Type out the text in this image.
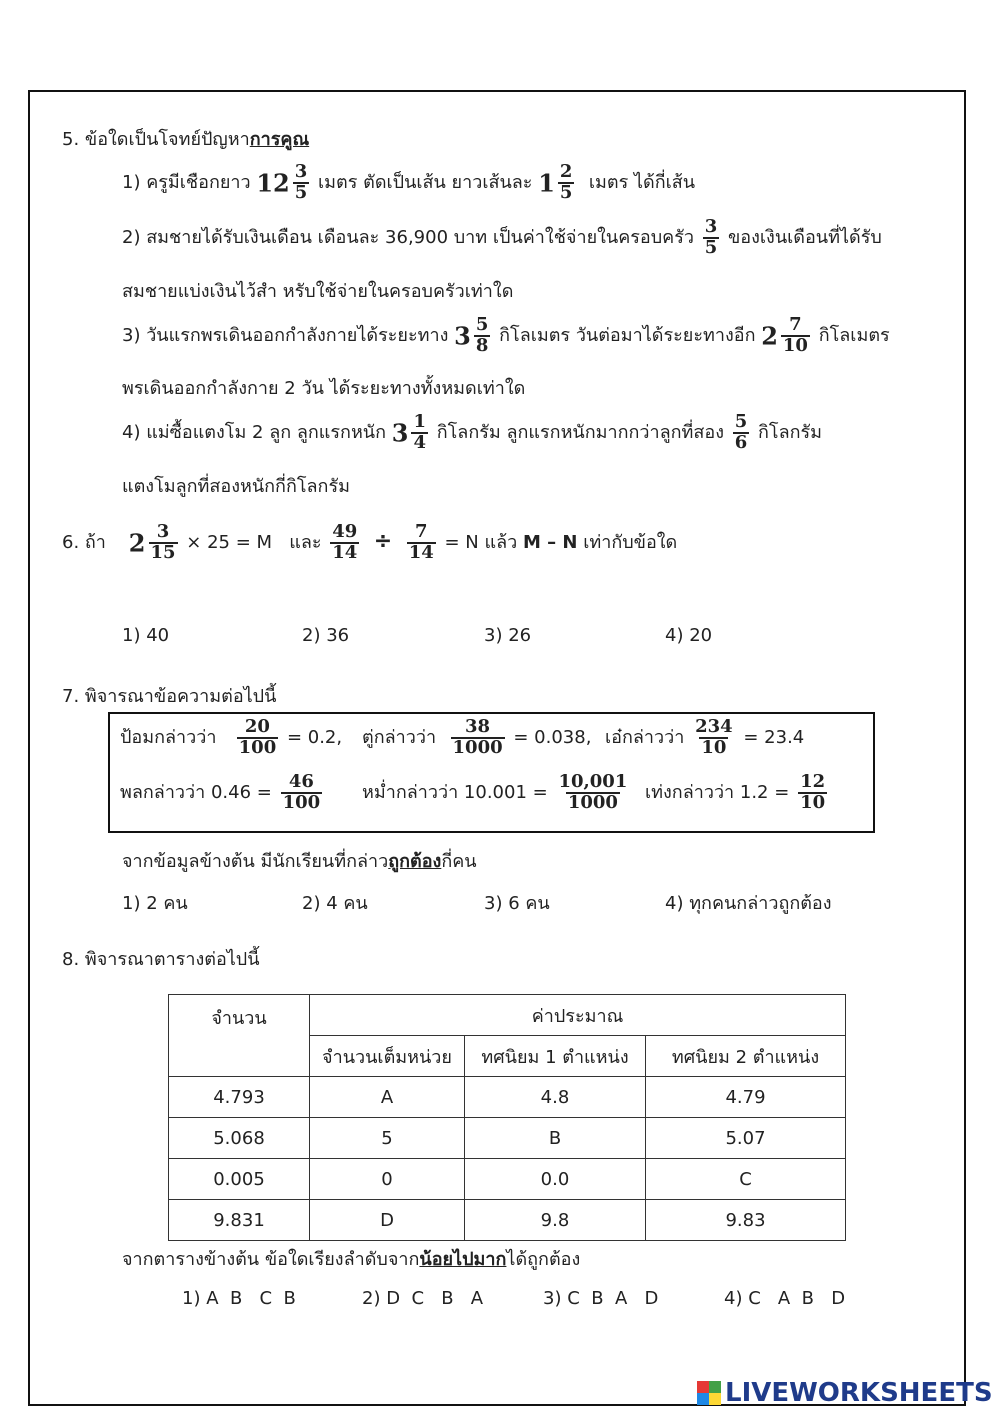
5. ข้อใดเป็นโจทย์ปัญหาการคูณ
1) ครูมีเชือกยาว $12 \frac{3}{5}$ เมตร ตัดเป็นเส้น ยาวเส้นละ $1 \frac{2}{5}$ เมตร ได้กี่เส้น
2) สมชายได้รับเงินเดือน เดือนละ 36,900 บาท เป็นค่าใช้จ่ายในครอบครัว $\frac{3}{5}$ ของเงินเดือนที่ได้รับ
สมชายแบ่งเงินไว้สำ หรับใช้จ่ายในครอบครัวเท่าใด
3) วันแรกพรเดินออกกำลังกายได้ระยะทาง $3 \frac{5}{8}$ กิโลเมตร วันต่อมาได้ระยะทางอีก $2 \frac{7}{10}$ กิโลเมตร
พรเดินออกกำลังกาย 2 วัน ได้ระยะทางทั้งหมดเท่าใด
4) แม่ซื้อแตงโม 2 ลูก ลูกแรกหนัก $3 \frac{1}{4}$ กิโลกรัม ลูกแรกหนักมากกว่าลูกที่สอง $\frac{5}{6}$ กิโลกรัม
แตงโมลูกที่สองหนักกี่กิโลกรัม
6. ถ้า $2 \frac{3}{15} \times 25 = M$ และ $\frac{49}{14} \div \frac{7}{14} = N$ แล้ว M – N เท่ากับข้อใด
1) 40	2) 36	3) 26	4) 20
7. พิจารณาข้อความต่อไปนี้
ป้อมกล่าวว่า $\frac{20}{100} = 0.2$, ตู่กล่าวว่า $\frac{38}{1000} = 0.038$, เอ๋กล่าวว่า $\frac{234}{10} = 23.4$
พลกล่าวว่า $0.46 = \frac{46}{100}$ หม่ำกล่าวว่า $10.001 = \frac{10,001}{1000}$ เท่งกล่าวว่า $1.2 = \frac{12}{10}$
จากข้อมูลข้างต้น มีนักเรียนที่กล่าวถูกต้องกี่คน
1) 2 คน	2) 4 คน	3) 6 คน	4) ทุกคนกล่าวถูกต้อง
8. พิจารณาตารางต่อไปนี้
จำนวน	ค่าประมาณ		
	จำนวนเต็มหน่วย	ทศนิยม 1 ตำแหน่ง	ทศนิยม 2 ตำแหน่ง
4.793	A	4.8	4.79
5.068	5	B	5.07
0.005	0	0.0	C
9.831	D	9.8	9.83
จากตารางข้างต้น ข้อใดเรียงลำดับจากน้อยไปมากได้ถูกต้อง
1) A  B   C  B	2) D  C   B   A	3) C  B  A   D	4) C   A  B   D
LIVEWORKSHEETS
